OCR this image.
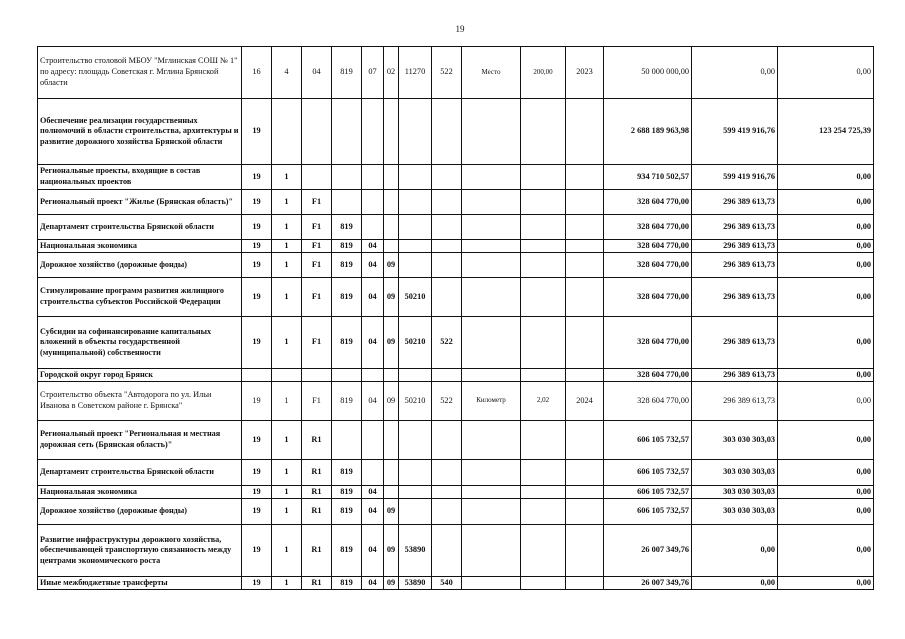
19
Строительство столовой МБОУ "Мглинская СОШ № 1" по адресу: площадь Советская г. Мглина Брянской области	16	4	04	819	07	02	11270	522	Место	200,00	2023	50 000 000,00	0,00	0,00
Обеспечение реализации государственных полномочий в области строительства, архитектуры и развитие дорожного хозяйства Брянской области	19											2 688 189 963,98	599 419 916,76	123 254 725,39
Региональные проекты, входящие в состав национальных проектов	19	1										934 710 502,57	599 419 916,76	0,00
Региональный проект "Жилье (Брянская область)"	19	1	F1									328 604 770,00	296 389 613,73	0,00
Департамент строительства Брянской области	19	1	F1	819								328 604 770,00	296 389 613,73	0,00
Национальная экономика	19	1	F1	819	04							328 604 770,00	296 389 613,73	0,00
Дорожное хозяйство (дорожные фонды)	19	1	F1	819	04	09						328 604 770,00	296 389 613,73	0,00
Стимулирование программ развития жилищного строительства субъектов Российской Федерации	19	1	F1	819	04	09	50210					328 604 770,00	296 389 613,73	0,00
Субсидии на софинансирование капитальных вложений в объекты государственной (муниципальной) собственности	19	1	F1	819	04	09	50210	522				328 604 770,00	296 389 613,73	0,00
Городской округ город Брянск												328 604 770,00	296 389 613,73	0,00
Строительство объекта "Автодорога по ул. Ильи Иванова в Советском районе г. Брянска"	19	1	F1	819	04	09	50210	522	Километр	2,02	2024	328 604 770,00	296 389 613,73	0,00
Региональный проект "Региональная и местная дорожная сеть (Брянская область)"	19	1	R1									606 105 732,57	303 030 303,03	0,00
Департамент строительства Брянской области	19	1	R1	819								606 105 732,57	303 030 303,03	0,00
Национальная экономика	19	1	R1	819	04							606 105 732,57	303 030 303,03	0,00
Дорожное хозяйство (дорожные фонды)	19	1	R1	819	04	09						606 105 732,57	303 030 303,03	0,00
Развитие инфраструктуры дорожного хозяйства, обеспечивающей транспортную связанность между центрами экономического роста	19	1	R1	819	04	09	53890					26 007 349,76	0,00	0,00
Иные межбюджетные трансферты	19	1	R1	819	04	09	53890	540				26 007 349,76	0,00	0,00
